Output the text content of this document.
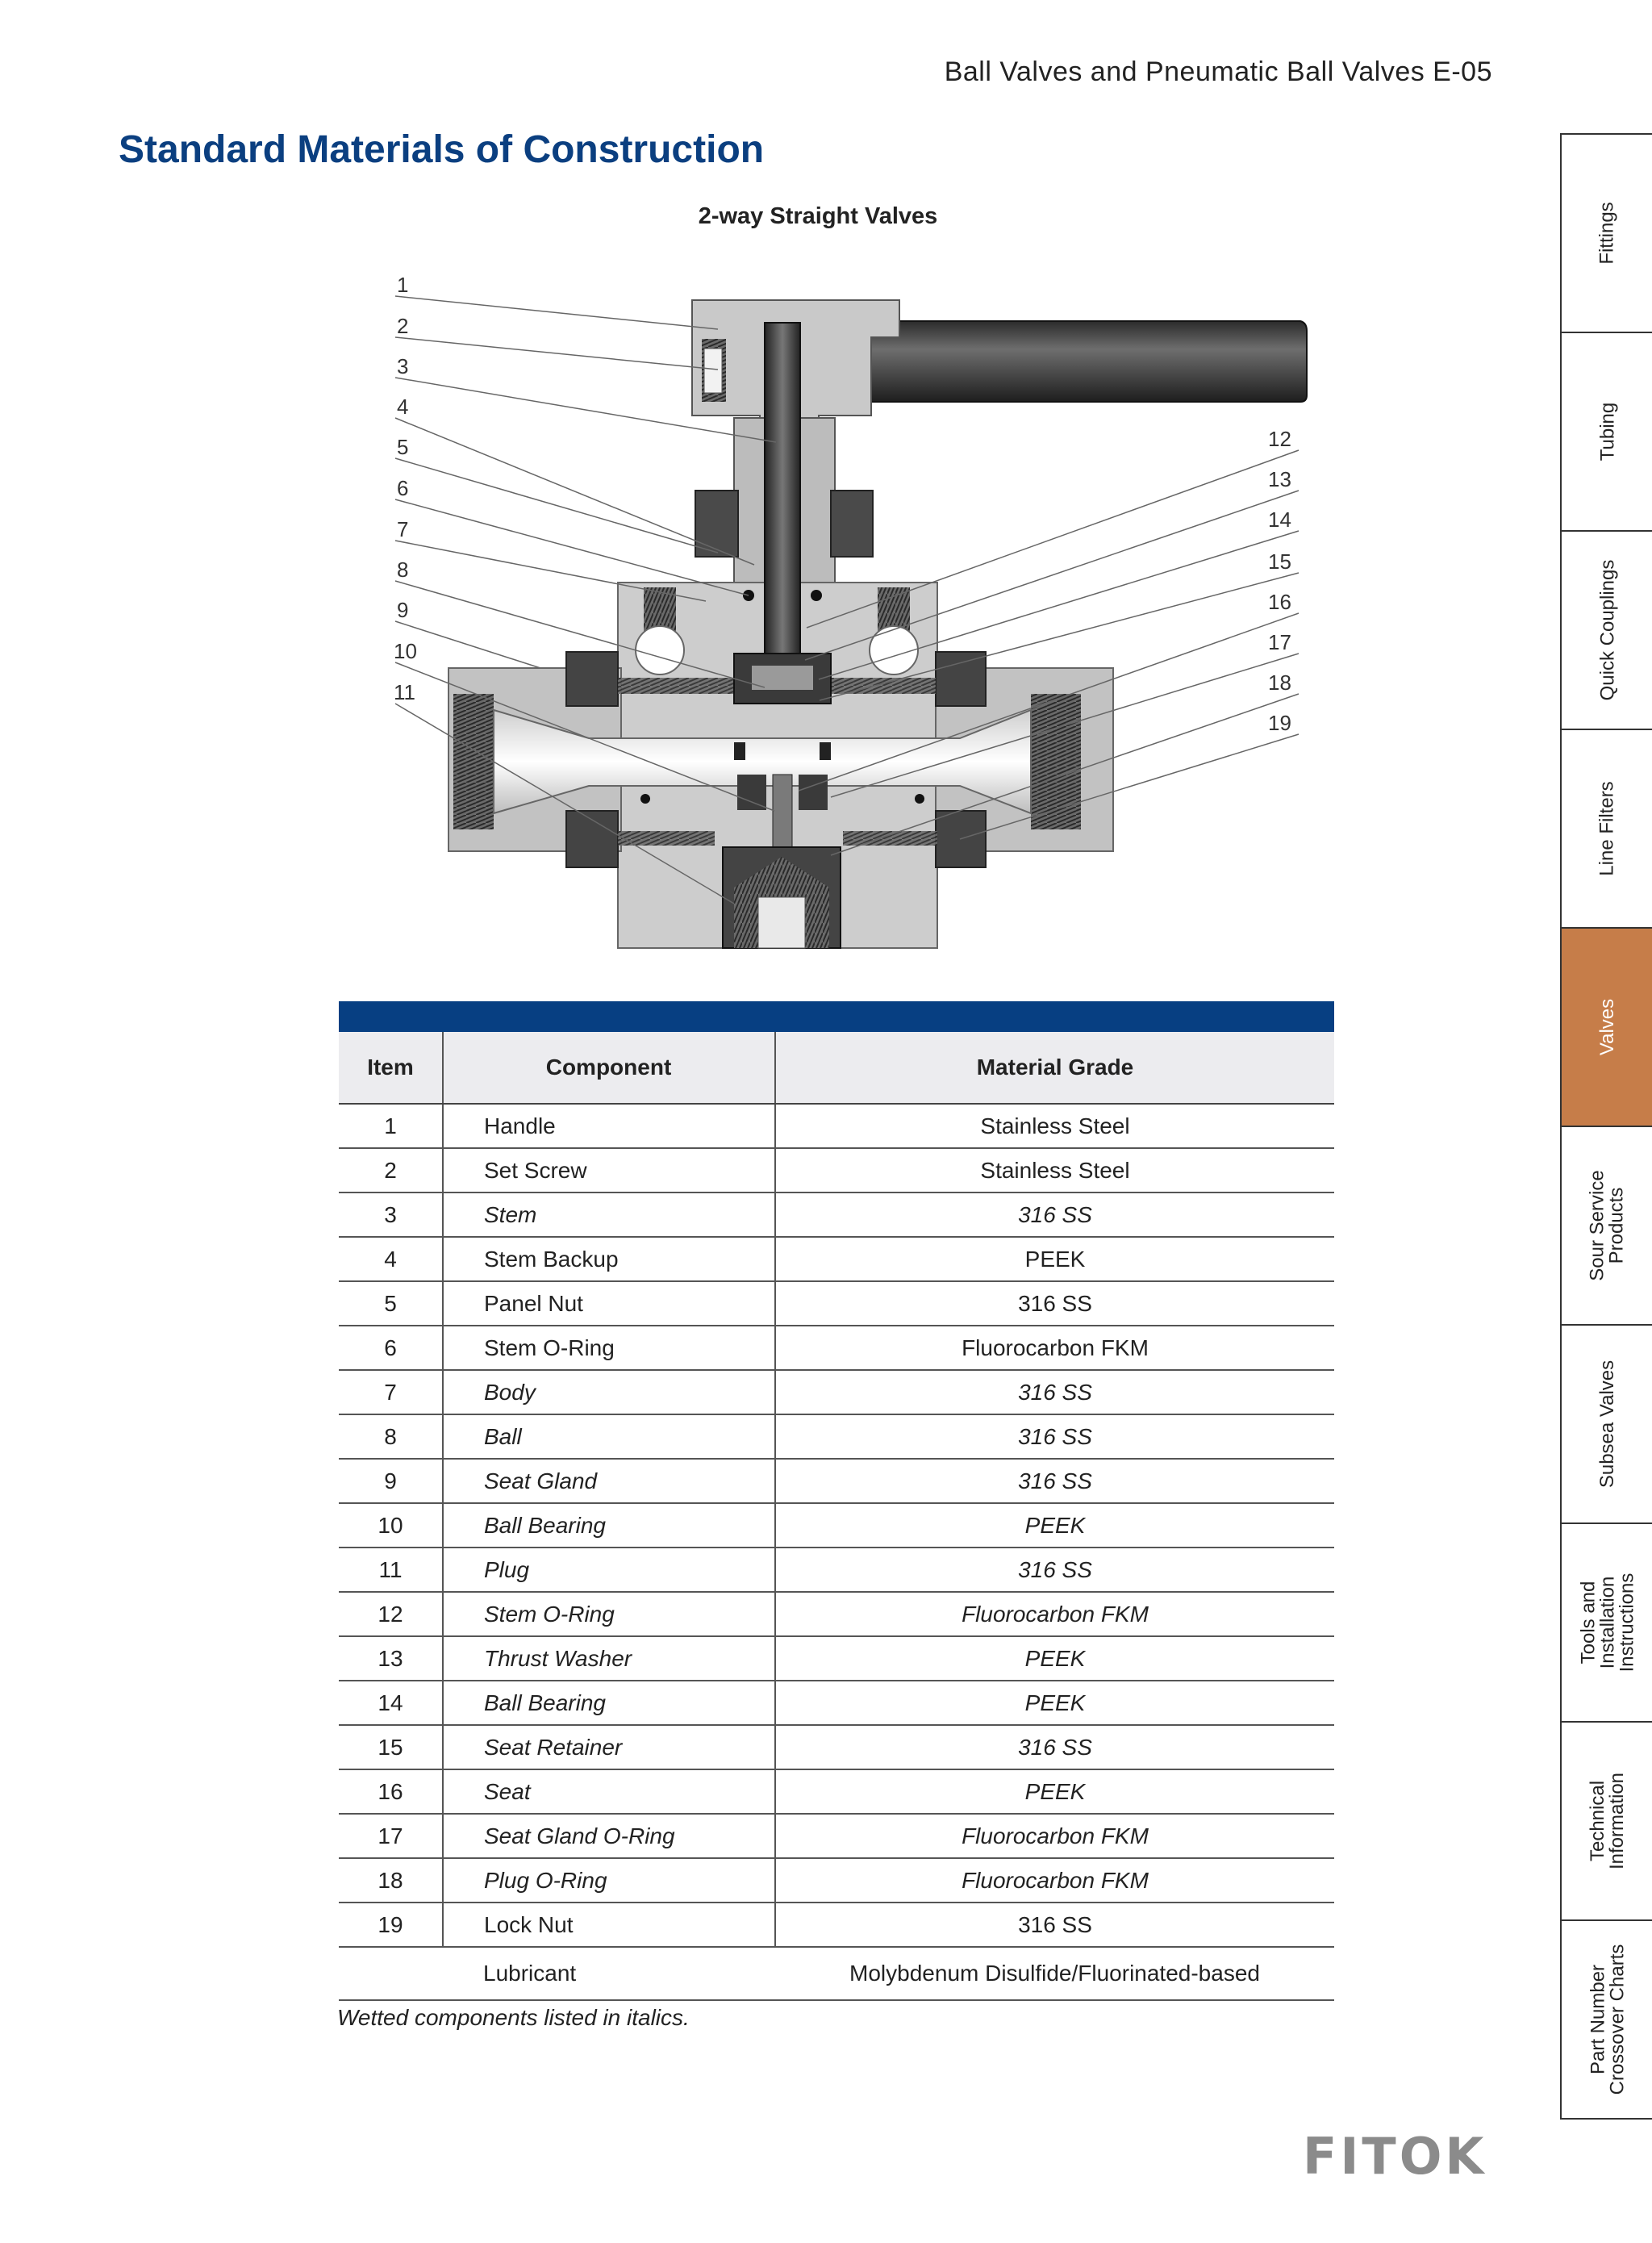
Ball Valves and Pneumatic Ball Valves E-05
Standard Materials of Construction
2-way Straight Valves
1
2
3
4
5
6
7
8
9
10
11
12
13
14
15
16
17
18
19
Item	Component	Material Grade
1	Handle	Stainless Steel
2	Set Screw	Stainless Steel
3	Stem	316 SS
4	Stem Backup	PEEK
5	Panel Nut	316 SS
6	Stem O-Ring	Fluorocarbon FKM
7	Body	316 SS
8	Ball	316 SS
9	Seat Gland	316 SS
10	Ball Bearing	PEEK
11	Plug	316 SS
12	Stem O-Ring	Fluorocarbon FKM
13	Thrust Washer	PEEK
14	Ball Bearing	PEEK
15	Seat Retainer	316 SS
16	Seat	PEEK
17	Seat Gland O-Ring	Fluorocarbon FKM
18	Plug O-Ring	Fluorocarbon FKM
19	Lock Nut	316 SS
	Lubricant	Molybdenum Disulfide/Fluorinated-based
Wetted components listed in italics.
Fittings
Tubing
Quick Couplings
Line Filters
Valves
Sour Service
Products
Subsea Valves
Tools and
Installation
Instructions
Technical
Information
Part Number
Crossover Charts
FITOK
